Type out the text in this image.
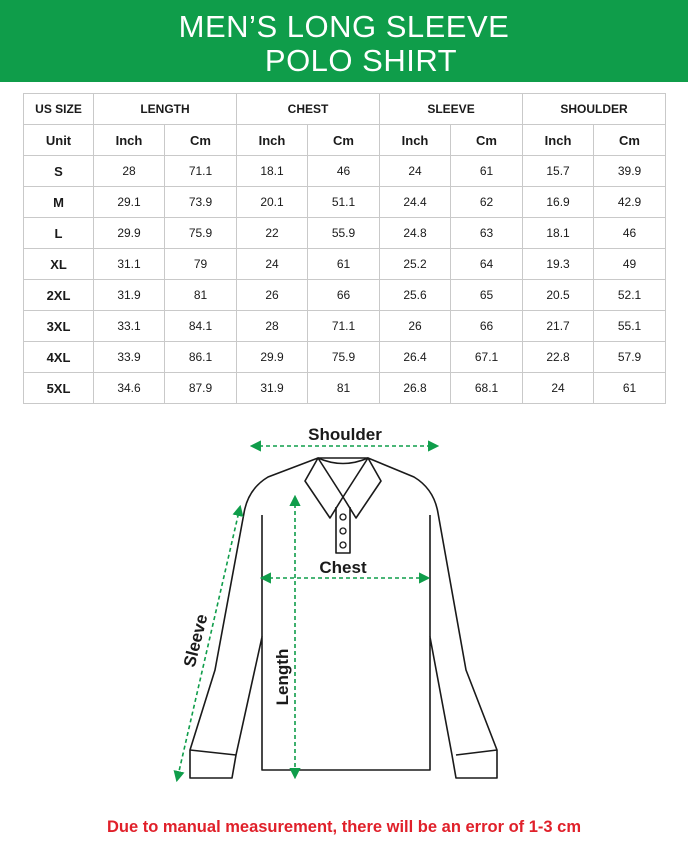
MEN’S LONG SLEEVE
POLO SHIRT
US SIZE	LENGTH		CHEST		SLEEVE		SHOULDER	
Unit	Inch	Cm	Inch	Cm	Inch	Cm	Inch	Cm
S	28	71.1	18.1	46	24	61	15.7	39.9
M	29.1	73.9	20.1	51.1	24.4	62	16.9	42.9
L	29.9	75.9	22	55.9	24.8	63	18.1	46
XL	31.1	79	24	61	25.2	64	19.3	49
2XL	31.9	81	26	66	25.6	65	20.5	52.1
3XL	33.1	84.1	28	71.1	26	66	21.7	55.1
4XL	33.9	86.1	29.9	75.9	26.4	67.1	22.8	57.9
5XL	34.6	87.9	31.9	81	26.8	68.1	24	61
Shoulder
Chest
Length
Sleeve
Due to manual measurement, there will be an error of 1-3 cm
